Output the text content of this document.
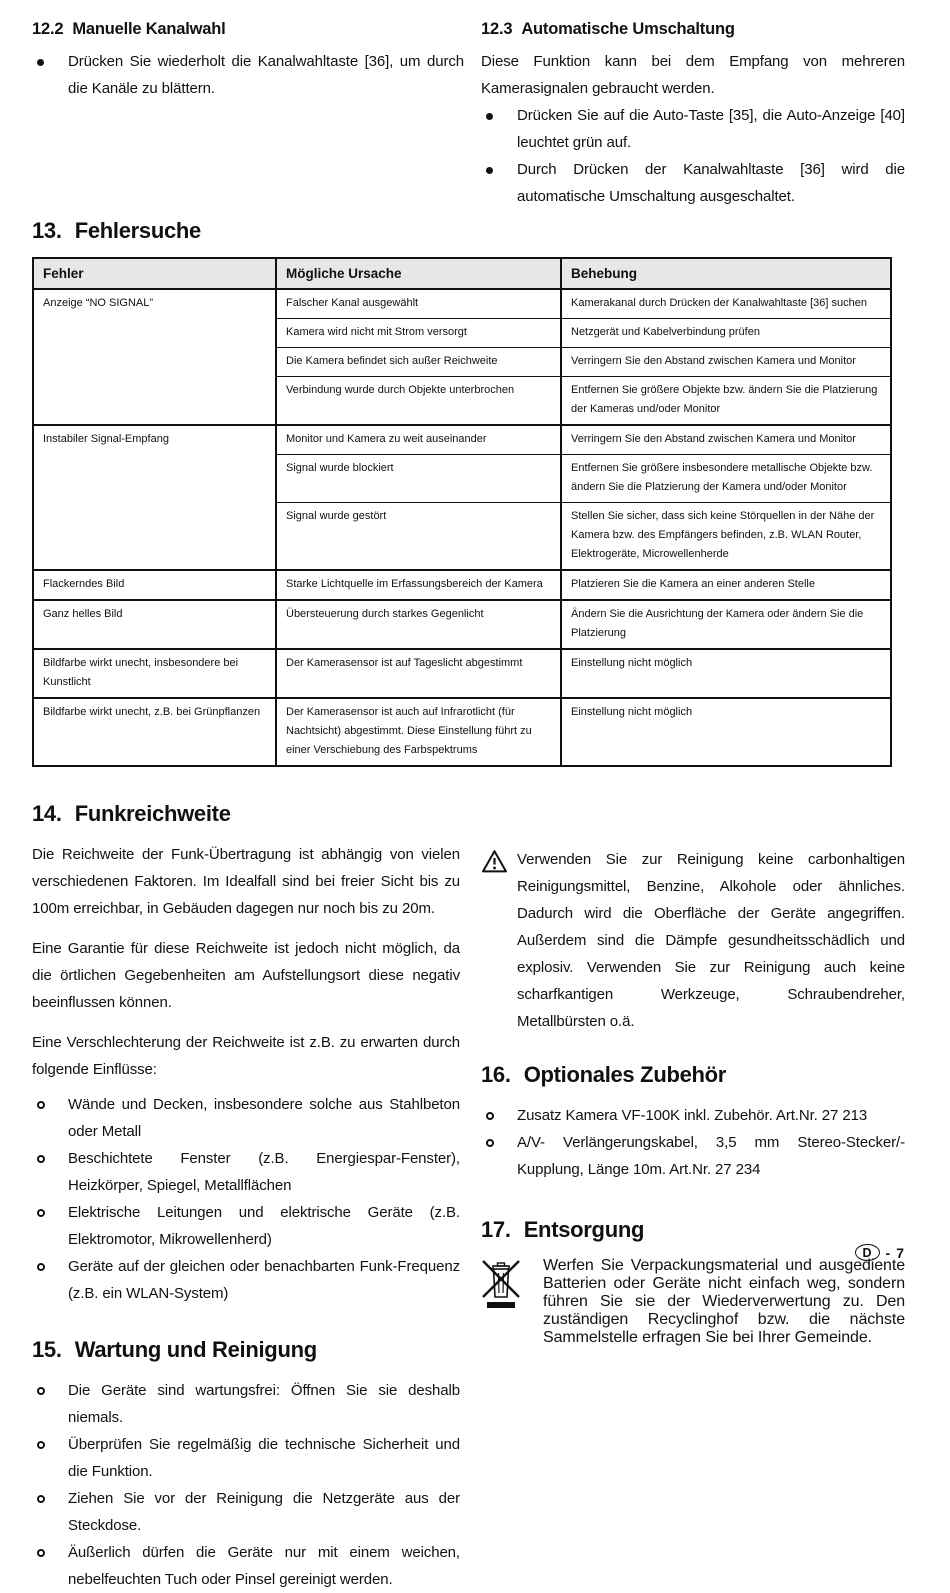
12.2 Manuelle Kanalwahl
Drücken Sie wiederholt die Kanalwahltaste [36], um durch die Kanäle zu blättern.
12.3 Automatische Umschaltung

Diese Funktion kann bei dem Empfang von mehreren Kamerasignalen gebraucht werden.

Drücken Sie auf die Auto-Taste [35], die Auto-Anzeige [40] leuchtet grün auf.
Durch Drücken der Kanalwahltaste [36] wird die automatische Umschaltung ausgeschaltet.
13. Fehlersuche
Fehler	Mögliche Ursache	Behebung
Anzeige “NO SIGNAL”	Falscher Kanal ausgewählt	Kamerakanal durch Drücken der Kanalwahltaste [36] suchen
	Kamera wird nicht mit Strom versorgt	Netzgerät und Kabelverbindung prüfen
	Die Kamera befindet sich außer Reichweite	Verringern Sie den Abstand zwischen Kamera und Monitor
	Verbindung wurde durch Objekte unterbrochen	Entfernen Sie größere Objekte bzw. ändern Sie die Platzierung der Kameras und/oder Monitor
Instabiler Signal-Empfang	Monitor und Kamera zu weit auseinander	Verringern Sie den Abstand zwischen Kamera und Monitor
	Signal wurde blockiert	Entfernen Sie größere insbesondere metallische Objekte bzw. ändern Sie die Platzierung der Kamera und/oder Monitor
	Signal wurde gestört	Stellen Sie sicher, dass sich keine Störquellen in der Nähe der Kamera bzw. des Empfängers befinden, z.B. WLAN Router, Elektrogeräte, Microwellenherde
Flackerndes Bild	Starke Lichtquelle im Erfassungsbereich der Kamera	Platzieren Sie die Kamera an einer anderen Stelle
Ganz helles Bild	Übersteuerung durch starkes Gegenlicht	Ändern Sie die Ausrichtung der Kamera oder ändern Sie die Platzierung
Bildfarbe wirkt unecht, insbesondere bei Kunstlicht	Der Kamerasensor ist auf Tageslicht abgestimmt	Einstellung nicht möglich
Bildfarbe wirkt unecht, z.B. bei Grünpflanzen	Der Kamerasensor ist auch auf Infrarotlicht (für Nachtsicht) abgestimmt. Diese Einstellung führt zu einer Verschiebung des Farbspektrums	Einstellung nicht möglich
14. Funkreichweite

Die Reichweite der Funk-Übertragung ist abhängig von vielen verschiedenen Faktoren. Im Idealfall sind bei freier Sicht bis zu 100m erreichbar, in Gebäuden dagegen nur noch bis zu 20m.

Eine Garantie für diese Reichweite ist jedoch nicht möglich, da die örtlichen Gegebenheiten am Aufstellungsort diese negativ beeinflussen können.

Eine Verschlechterung der Reichweite ist z.B. zu erwarten durch folgende Einflüsse:

Wände und Decken, insbesondere solche aus Stahlbeton oder Metall
Beschichtete Fenster (z.B. Energiespar-Fenster), Heizkörper, Spiegel, Metallflächen
Elektrische Leitungen und elektrische Geräte (z.B. Elektromotor, Mikrowellenherd)
Geräte auf der gleichen oder benachbarten Funk-Frequenz (z.B. ein WLAN-System)
15. Wartung und Reinigung
Die Geräte sind wartungsfrei: Öffnen Sie sie deshalb niemals.
Überprüfen Sie regelmäßig die technische Sicherheit und die Funktion.
Ziehen Sie vor der Reinigung die Netzgeräte aus der Steckdose.
Äußerlich dürfen die Geräte nur mit einem weichen, nebelfeuchten Tuch oder Pinsel gereinigt werden.
Verwenden Sie zur Reinigung keine carbonhaltigen Reinigungsmittel, Benzine, Alkohole oder ähnliches. Dadurch wird die Oberfläche der Geräte angegriffen. Außerdem sind die Dämpfe gesundheitsschädlich und explosiv. Verwenden Sie zur Reinigung auch keine scharfkantigen Werkzeuge, Schraubendreher, Metallbürsten o.ä.
16. Optionales Zubehör
Zusatz Kamera VF-100K inkl. Zubehör. Art.Nr. 27 213
A/V- Verlängerungskabel, 3,5 mm Stereo-Stecker/-Kupplung, Länge 10m. Art.Nr. 27 234
17. Entsorgung
Werfen Sie Verpackungsmaterial und ausgediente Batterien oder Geräte nicht einfach weg, sondern führen Sie sie der Wiederverwertung zu. Den zuständigen Recyclinghof bzw. die nächste Sammelstelle erfragen Sie bei Ihrer Gemeinde.
D - 7
